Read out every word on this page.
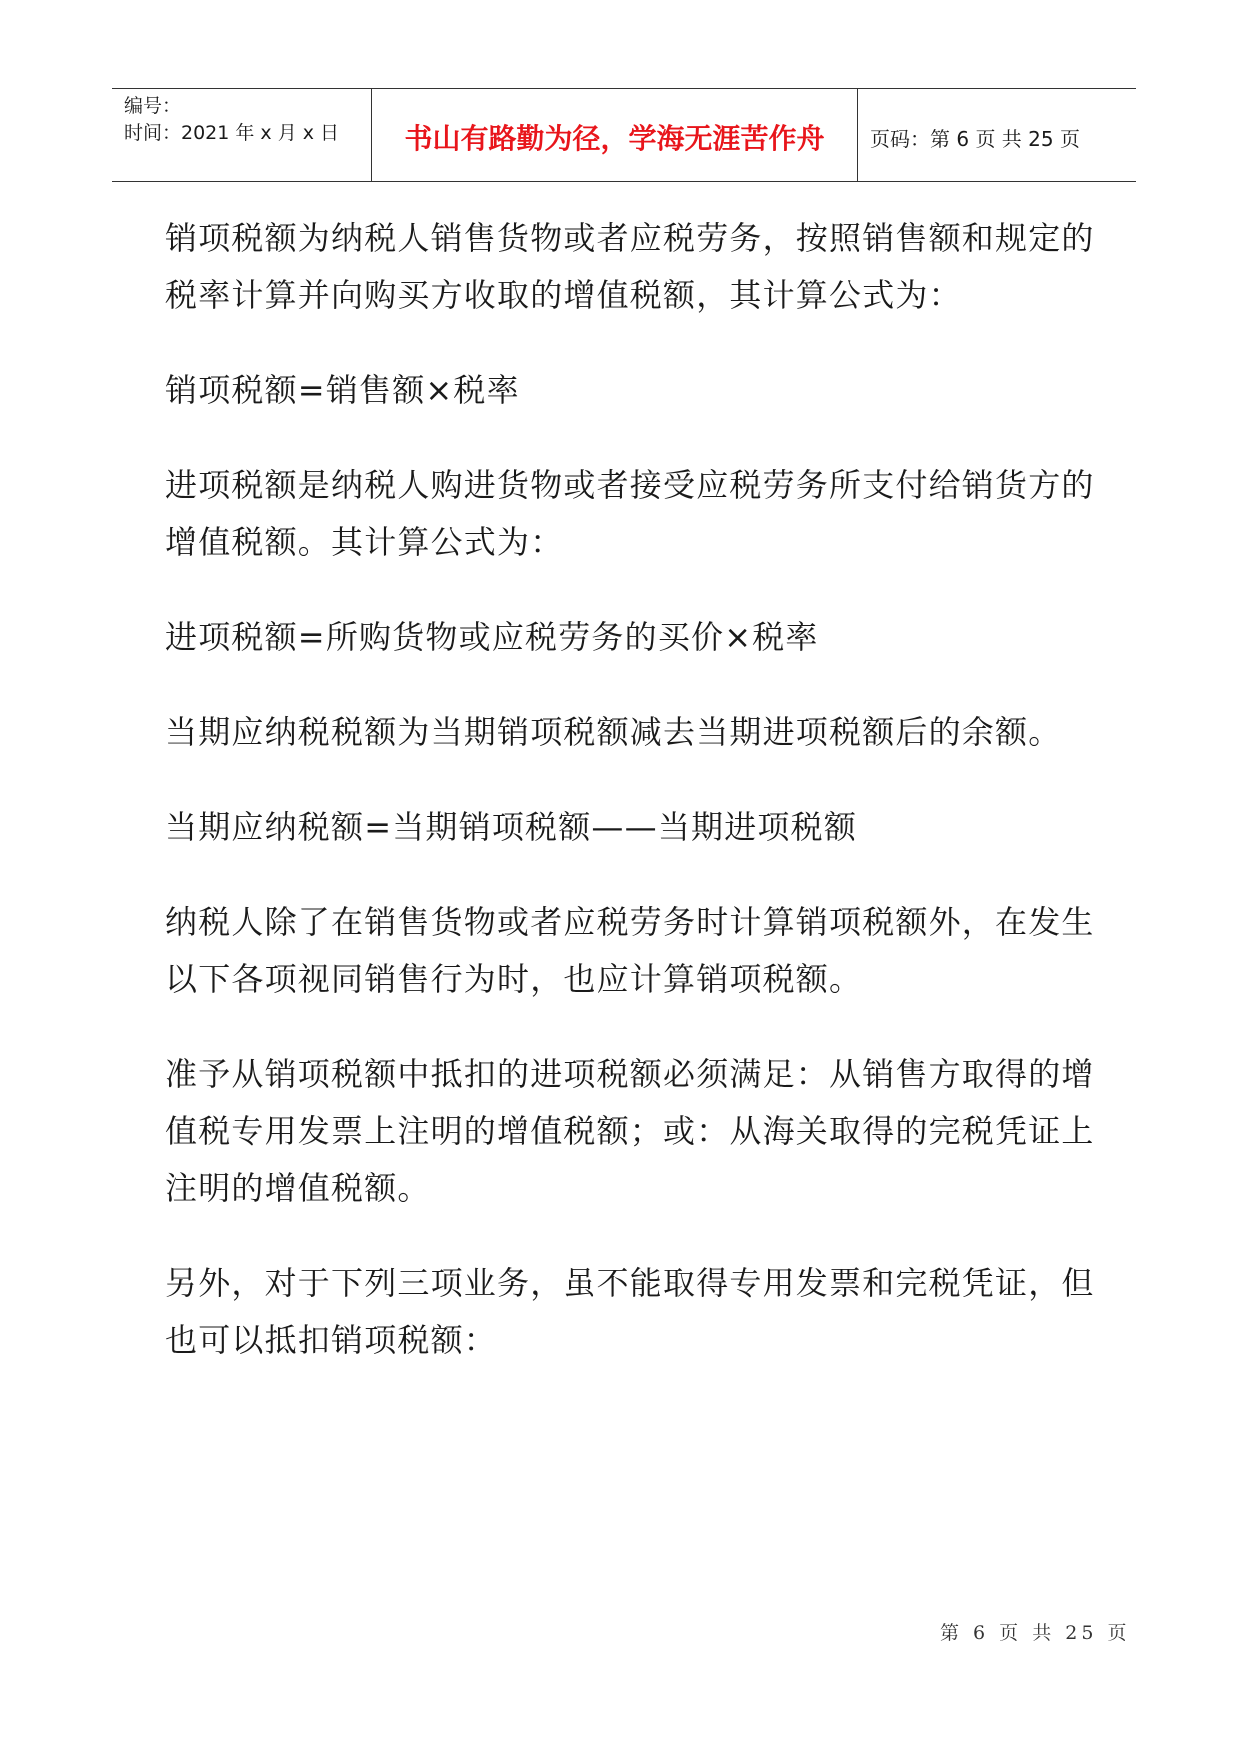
编号：
时间：2021 年 x 月 x 日	书山有路勤为径，学海无涯苦作舟	页码：第 6 页 共 25 页

销项税额为纳税人销售货物或者应税劳务，按照销售额和规定的税率计算并向购买方收取的增值税额，其计算公式为：

销项税额=销售额×税率

进项税额是纳税人购进货物或者接受应税劳务所支付给销货方的增值税额。其计算公式为：

进项税额=所购货物或应税劳务的买价×税率

当期应纳税税额为当期销项税额减去当期进项税额后的余额。

当期应纳税额=当期销项税额——当期进项税额

纳税人除了在销售货物或者应税劳务时计算销项税额外，在发生以下各项视同销售行为时，也应计算销项税额。

准予从销项税额中抵扣的进项税额必须满足：从销售方取得的增值税专用发票上注明的增值税额；或：从海关取得的完税凭证上注明的增值税额。

另外，对于下列三项业务，虽不能取得专用发票和完税凭证，但也可以抵扣销项税额：

第 6 页 共 25 页
